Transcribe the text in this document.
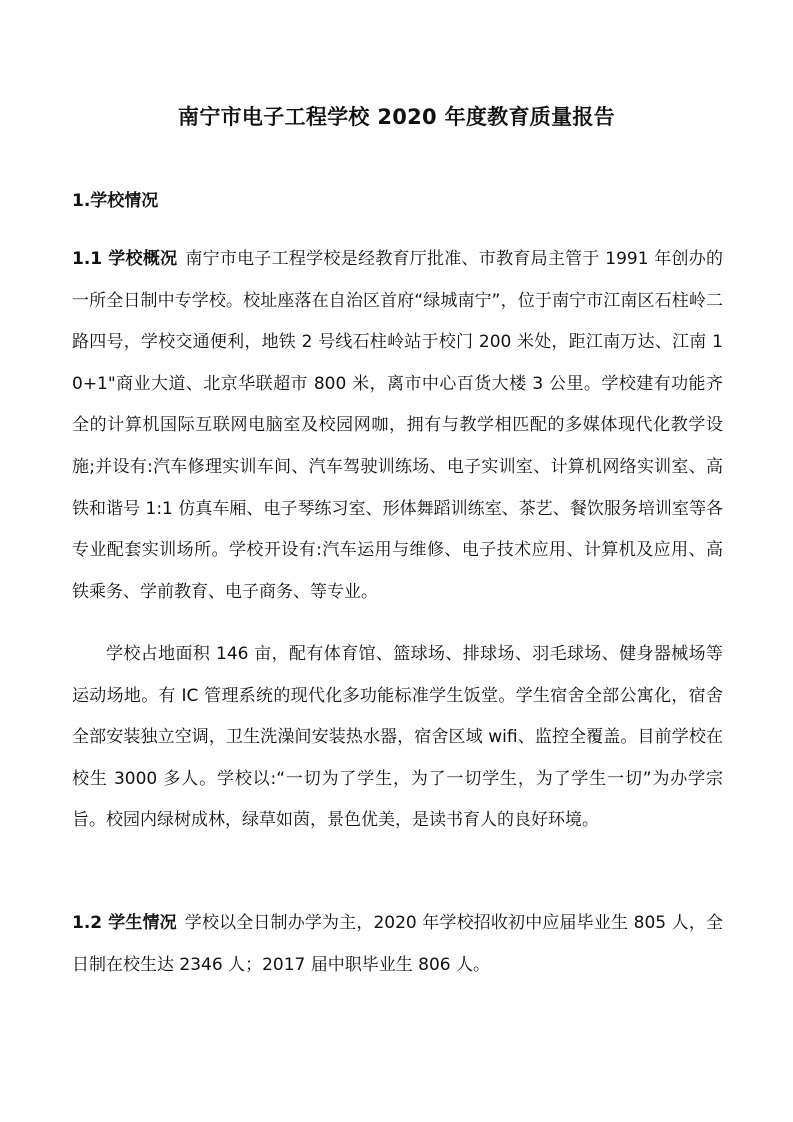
南宁市电子工程学校 2020 年度教育质量报告
1.学校情况

1.1 学校概况 南宁市电子工程学校是经教育厅批准、市教育局主管于 1991 年创办的一所全日制中专学校。校址座落在自治区首府“绿城南宁”，位于南宁市江南区石柱岭二路四号，学校交通便利，地铁 2 号线石柱岭站于校门 200 米处，距江南万达、江南 10+1"商业大道、北京华联超市 800 米，离市中心百货大楼 3 公里。学校建有功能齐全的计算机国际互联网电脑室及校园网咖，拥有与教学相匹配的多媒体现代化教学设施;并设有:汽车修理实训车间、汽车驾驶训练场、电子实训室、计算机网络实训室、高铁和谐号 1:1 仿真车厢、电子琴练习室、形体舞蹈训练室、茶艺、餐饮服务培训室等各专业配套实训场所。学校开设有:汽车运用与维修、电子技术应用、计算机及应用、高铁乘务、学前教育、电子商务、等专业。

学校占地面积 146 亩，配有体育馆、篮球场、排球场、羽毛球场、健身器械场等运动场地。有 IC 管理系统的现代化多功能标准学生饭堂。学生宿舍全部公寓化，宿舍全部安装独立空调，卫生洗澡间安装热水器，宿舍区域 wifi、监控全覆盖。目前学校在校生 3000 多人。学校以:“一切为了学生，为了一切学生，为了学生一切”为办学宗旨。校园内绿树成林，绿草如茵，景色优美，是读书育人的良好环境。

1.2 学生情况 学校以全日制办学为主，2020 年学校招收初中应届毕业生 805 人，全日制在校生达 2346 人；2017 届中职毕业生 806 人。
